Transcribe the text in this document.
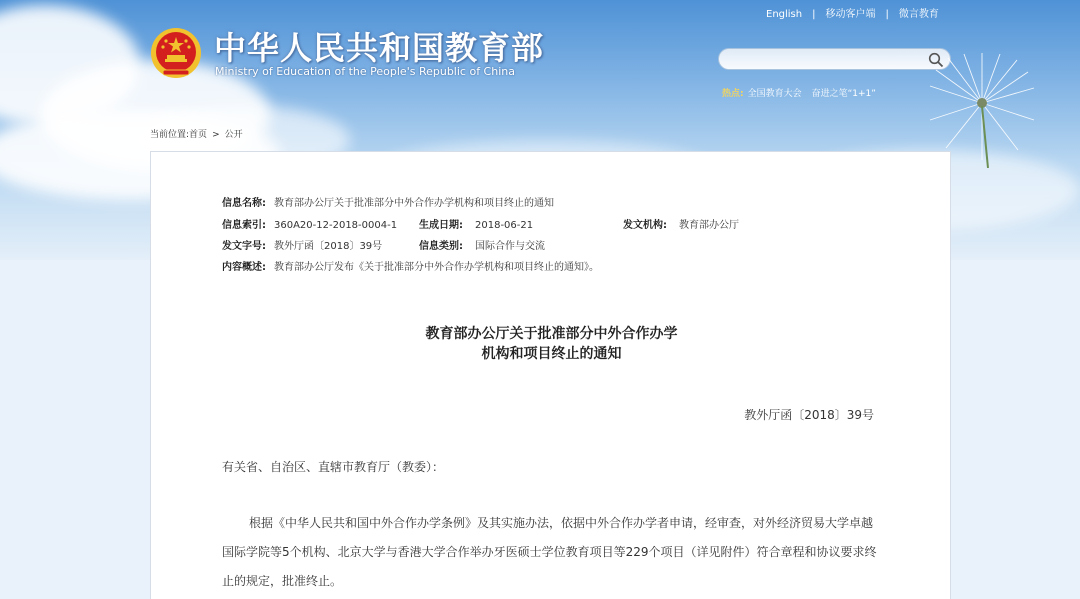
中华人民共和国教育部
Ministry of Education of the People's Republic of China
English | 移动客户端 | 微言教育
热点: 全国教育大会 奋进之笔“1+1”
当前位置:首页 > 公开
信息名称: 教育部办公厅关于批准部分中外合作办学机构和项目终止的通知
信息索引: 360A20-12-2018-0004-1 生成日期: 2018-06-21	发文机构: 教育部办公厅
发文字号: 教外厅函〔2018〕39号	信息类别: 国际合作与交流
内容概述: 教育部办公厅发布《关于批准部分中外合作办学机构和项目终止的通知》。
教育部办公厅关于批准部分中外合作办学
机构和项目终止的通知
教外厅函〔2018〕39号
有关省、自治区、直辖市教育厅（教委）：
根据《中华人民共和国中外合作办学条例》及其实施办法，依据中外合作办学者申请，经审查，对外经济贸易大学卓越国际学院等5个机构、北京大学与香港大学合作举办牙医硕士学位教育项目等229个项目（详见附件）符合章程和协议要求终止的规定，批准终止。
